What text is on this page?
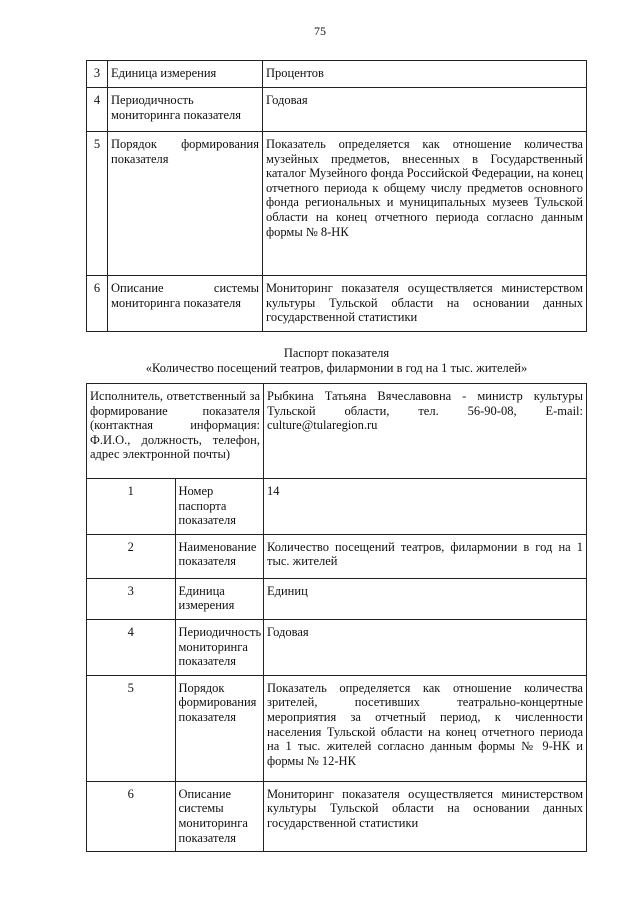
75
3	Единица измерения	Процентов
4	Периодичность мониторинга показателя	Годовая
5	Порядок формирования показателя	Показатель определяется как отношение количества музейных предметов, внесенных в Государственный каталог Музейного фонда Российской Федерации, на конец отчетного периода к общему числу предметов основного фонда региональных и муниципальных музеев Тульской области на конец отчетного периода согласно данным формы № 8-НК
6	Описание системы мониторинга показателя	Мониторинг показателя осуществляется министерством культуры Тульской области на основании данных государственной статистики
Паспорт показателя
«Количество посещений театров, филармонии в год на 1 тыс. жителей»
Исполнитель, ответственный за формирование показателя (контактная информация: Ф.И.О., должность, телефон, адрес электронной почты)		Рыбкина Татьяна Вячеславовна - министр культуры Тульской области, тел. 56-90-08, E-mail: culture@tularegion.ru
1	Номер паспорта показателя	14
2	Наименование показателя	Количество посещений театров, филармонии в год на 1 тыс. жителей
3	Единица измерения	Единиц
4	Периодичность мониторинга показателя	Годовая
5	Порядок формирования показателя	Показатель определяется как отношение количества зрителей, посетивших театрально-концертные мероприятия за отчетный период, к численности населения Тульской области на конец отчетного периода на 1 тыс. жителей согласно данным формы № 9-НК и формы № 12-НК
6	Описание системы мониторинга показателя	Мониторинг показателя осуществляется министерством культуры Тульской области на основании данных государственной статистики
